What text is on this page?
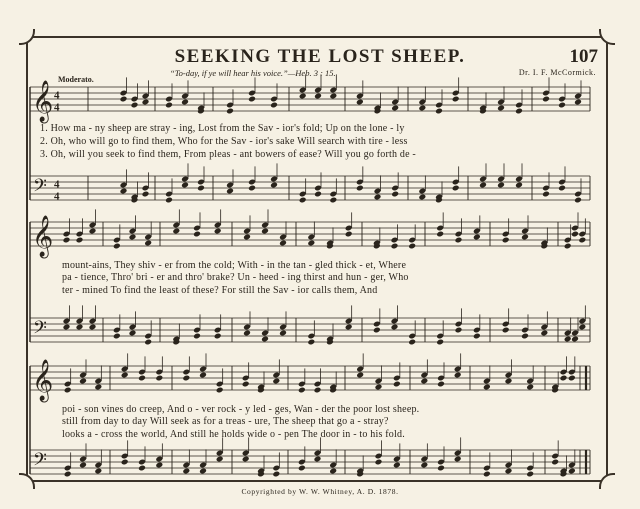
SEEKING THE LOST SHEEP.	107
“To-day, if ye will hear his voice.”—Heb. 3 : 15.	Dr. I. F. McCormick.
Moderato.
𝄞
𝄢
4
4
4
4
𝄞
𝄢
𝄞
𝄢
1. How ma - ny sheep are stray - ing, Lost from the Sav - ior's fold; Up on the lone - ly
2. Oh, who will go to find them, Who for the Sav - ior's sake Will search with tire - less
3. Oh, will you seek to find them, From pleas - ant bowers of ease? Will you go forth de -
mount-ains, They shiv - er from the cold; With - in the tan - gled thick - et, Where
pa - tience, Thro' bri - er and thro' brake? Un - heed - ing thirst and hun - ger, Who
ter - mined To find the least of these? For still the Sav - ior calls them, And
poi - son vines do creep, And o - ver rock - y led - ges, Wan - der the poor lost sheep.
still from day to day Will seek as for a treas - ure, The sheep that go a - stray?
looks a - cross the world, And still he holds wide o - pen The door in - to his fold.
Copyrighted by W. W. Whitney, A. D. 1878.
